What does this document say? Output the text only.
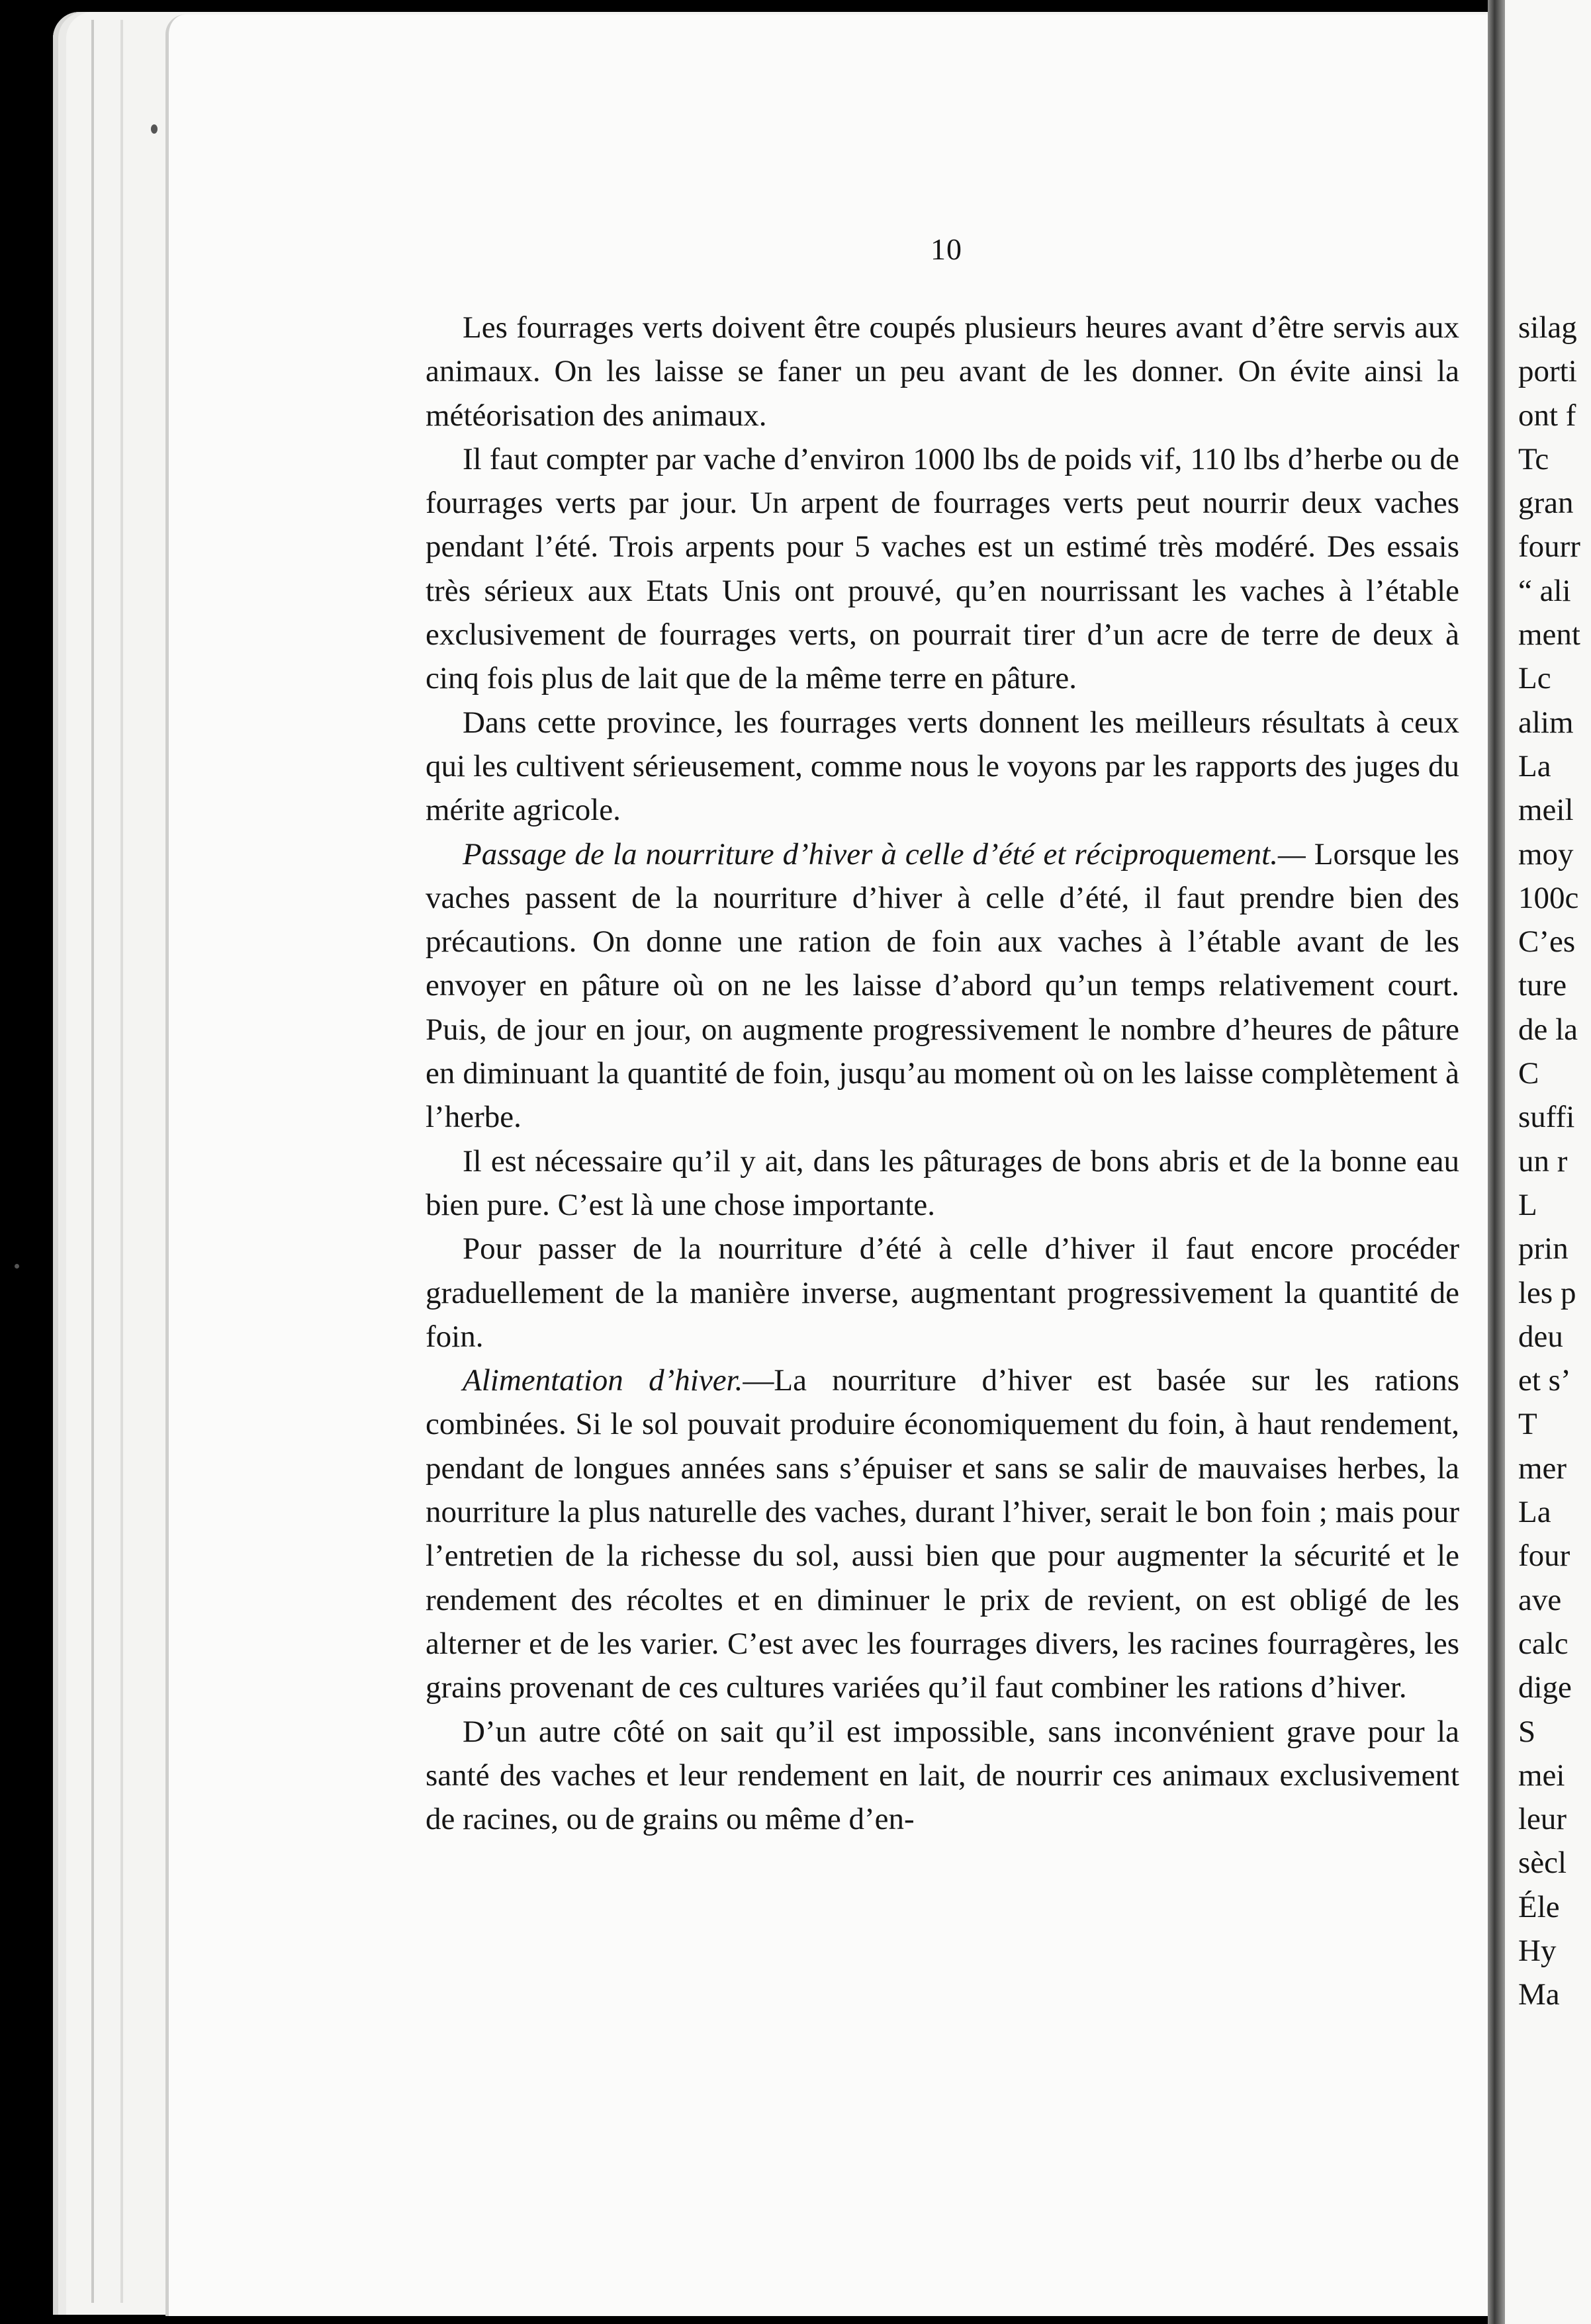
10

Les fourrages verts doivent être coupés plusieurs heures avant d’être servis aux animaux. On les laisse se faner un peu avant de les donner. On évite ainsi la météorisation des animaux.

Il faut compter par vache d’environ 1000 lbs de poids vif, 110 lbs d’herbe ou de fourrages verts par jour. Un arpent de fourrages verts peut nourrir deux vaches pendant l’été. Trois arpents pour 5 vaches est un estimé très modéré. Des essais très sérieux aux Etats Unis ont prouvé, qu’en nourrissant les vaches à l’étable exclusivement de fourrages verts, on pourrait tirer d’un acre de terre de deux à cinq fois plus de lait que de la même terre en pâture.

Dans cette province, les fourrages verts donnent les meilleurs résultats à ceux qui les cultivent sérieusement, comme nous le voyons par les rapports des juges du mérite agricole.

Passage de la nourriture d’hiver à celle d’été et réciproquement.— Lorsque les vaches passent de la nourriture d’hiver à celle d’été, il faut prendre bien des précautions. On donne une ration de foin aux vaches à l’étable avant de les envoyer en pâture où on ne les laisse d’abord qu’un temps relativement court. Puis, de jour en jour, on augmente progressivement le nombre d’heures de pâture en diminuant la quantité de foin, jusqu’au moment où on les laisse complètement à l’herbe.

Il est nécessaire qu’il y ait, dans les pâturages de bons abris et de la bonne eau bien pure. C’est là une chose importante.

Pour passer de la nourriture d’été à celle d’hiver il faut encore procéder graduellement de la manière inverse, augmentant progressivement la quantité de foin.

Alimentation d’hiver.—La nourriture d’hiver est basée sur les rations combinées. Si le sol pouvait produire économiquement du foin, à haut rendement, pendant de longues années sans s’épuiser et sans se salir de mauvaises herbes, la nourriture la plus naturelle des vaches, durant l’hiver, serait le bon foin ; mais pour l’entretien de la richesse du sol, aussi bien que pour augmenter la sécurité et le rendement des récoltes et en diminuer le prix de revient, on est obligé de les alterner et de les varier. C’est avec les fourrages divers, les racines fourragères, les grains provenant de ces cultures variées qu’il faut combiner les rations d’hiver.

D’un autre côté on sait qu’il est impossible, sans inconvénient grave pour la santé des vaches et leur rendement en lait, de nourrir ces animaux exclusivement de racines, ou de grains ou même d’en-

silag
porti
ont f
Tc
gran
fourr
“ ali
ment
Lc
alim
La
meil
moy
100c
C’es
ture
de la
C
suffi
un r
L
prin
les p
deu
et s’
T
mer
La
four
ave
calc
dige
S
mei
leur
sècl
Éle
Hy
Ma
